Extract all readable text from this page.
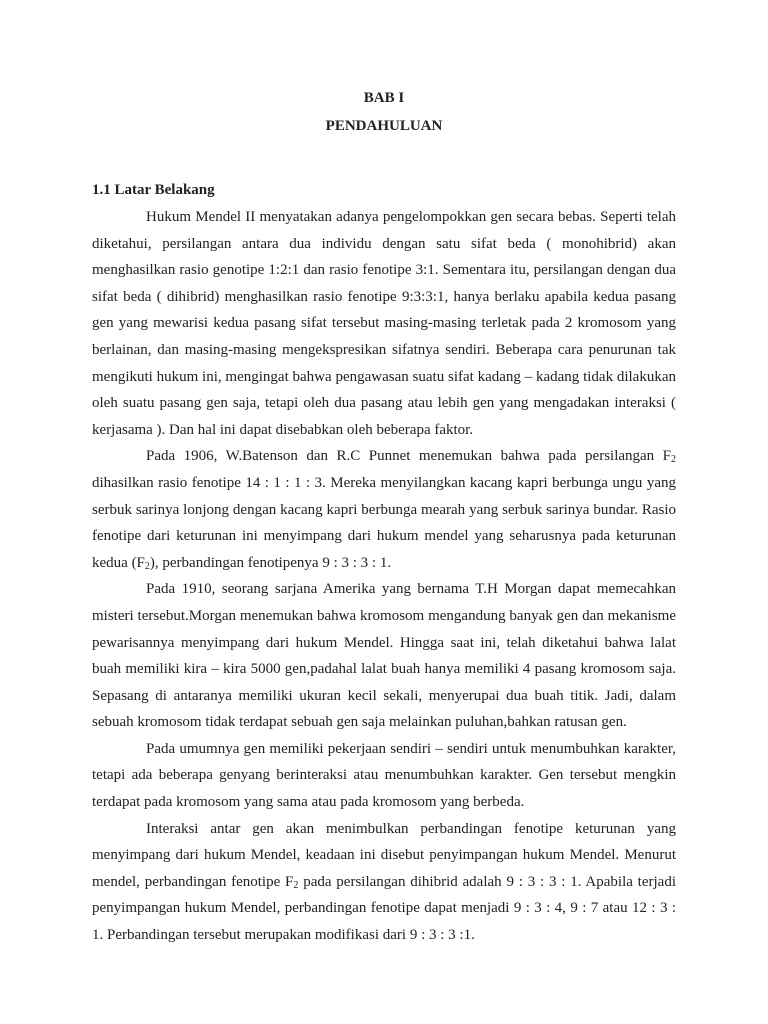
BAB I

PENDAHULUAN

1.1 Latar Belakang

Hukum Mendel II menyatakan adanya pengelompokkan gen secara bebas. Seperti telah diketahui, persilangan antara dua individu dengan satu sifat beda ( monohibrid) akan menghasilkan rasio genotipe 1:2:1 dan rasio fenotipe 3:1. Sementara itu, persilangan dengan dua sifat beda ( dihibrid) menghasilkan rasio fenotipe 9:3:3:1, hanya berlaku apabila kedua pasang gen yang mewarisi kedua pasang sifat tersebut masing-masing terletak pada 2 kromosom yang berlainan, dan masing-masing mengekspresikan sifatnya sendiri. Beberapa cara penurunan tak mengikuti hukum ini, mengingat bahwa pengawasan suatu sifat kadang – kadang tidak dilakukan oleh suatu pasang gen saja, tetapi oleh dua pasang atau lebih gen yang mengadakan interaksi ( kerjasama ). Dan hal ini dapat disebabkan oleh beberapa faktor.

Pada 1906, W.Batenson dan R.C Punnet menemukan bahwa pada persilangan $F_2$ dihasilkan rasio fenotipe 14 : 1 : 1 : 3. Mereka menyilangkan kacang kapri berbunga ungu yang serbuk sarinya lonjong dengan kacang kapri berbunga mearah yang serbuk sarinya bundar. Rasio fenotipe dari keturunan ini menyimpang dari hukum mendel yang seharusnya pada keturunan kedua $(F_2)$, perbandingan fenotipenya 9 : 3 : 3 : 1.

Pada 1910, seorang sarjana Amerika yang bernama T.H Morgan dapat memecahkan misteri tersebut.Morgan menemukan bahwa kromosom mengandung banyak gen dan mekanisme pewarisannya menyimpang dari hukum Mendel. Hingga saat ini, telah diketahui bahwa lalat buah memiliki kira – kira 5000 gen,padahal lalat buah hanya memiliki 4 pasang kromosom saja. Sepasang di antaranya memiliki ukuran kecil sekali, menyerupai dua buah titik. Jadi, dalam sebuah kromosom tidak terdapat sebuah gen saja melainkan puluhan,bahkan ratusan gen.

Pada umumnya gen memiliki pekerjaan sendiri – sendiri untuk menumbuhkan karakter, tetapi ada beberapa genyang berinteraksi atau menumbuhkan karakter. Gen tersebut mengkin terdapat pada kromosom yang sama atau pada kromosom yang berbeda.

Interaksi antar gen akan menimbulkan perbandingan fenotipe keturunan yang menyimpang dari hukum Mendel, keadaan ini disebut penyimpangan hukum Mendel. Menurut mendel, perbandingan fenotipe $F_2$ pada persilangan dihibrid adalah 9 : 3 : 3 : 1. Apabila terjadi penyimpangan hukum Mendel, perbandingan fenotipe dapat menjadi 9 : 3 : 4, 9 : 7 atau 12 : 3 : 1. Perbandingan tersebut merupakan modifikasi dari 9 : 3 : 3 :1.
